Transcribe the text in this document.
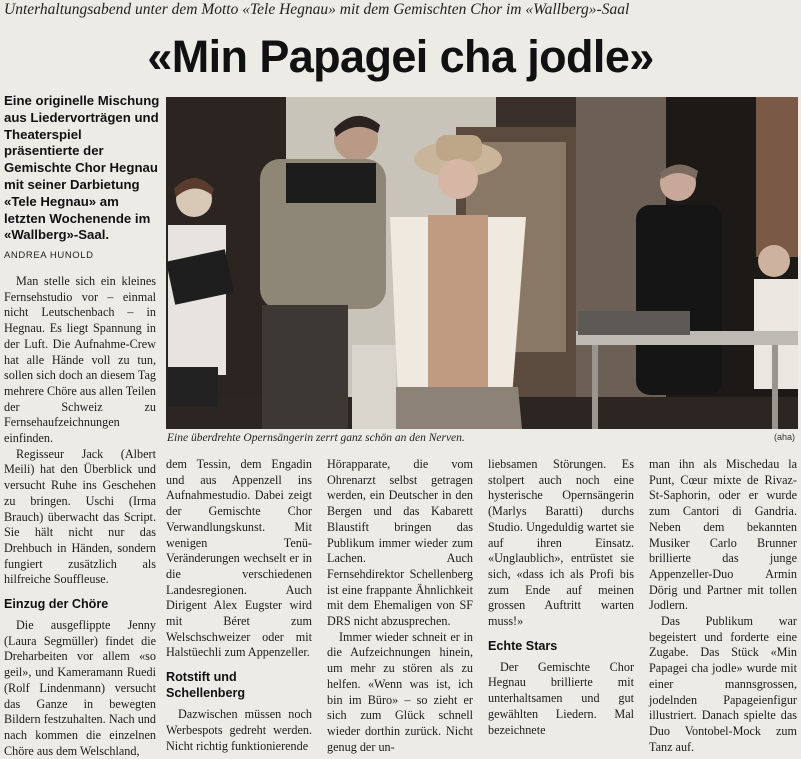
Unterhaltungsabend unter dem Motto «Tele Hegnau» mit dem Gemischten Chor im «Wallberg»-Saal
«Min Papagei cha jodle»
Eine originelle Mischung aus Liedervorträgen und Theaterspiel präsentierte der Gemischte Chor Hegnau mit seiner Darbietung «Tele Hegnau» am letzten Wochenende im «Wallberg»-Saal.
ANDREA HUNOLD

Man stelle sich ein kleines Fernsehstudio vor – einmal nicht Leutschenbach – in Hegnau. Es liegt Spannung in der Luft. Die Aufnahme-Crew hat alle Hände voll zu tun, sollen sich doch an diesem Tag mehrere Chöre aus allen Teilen der Schweiz zu Fernsehaufzeichnungen einfinden.

Regisseur Jack (Albert Meili) hat den Überblick und versucht Ruhe ins Geschehen zu bringen. Uschi (Irma Brauch) überwacht das Script. Sie hält nicht nur das Drehbuch in Händen, sondern fungiert zusätzlich als hilfreiche Souffleuse.

Einzug der Chöre

Die ausgeflippte Jenny (Laura Segmüller) findet die Dreharbeiten vor allem «so geil», und Kameramann Ruedi (Rolf Lindenmann) versucht das Ganze in bewegten Bildern festzuhalten. Nach und nach kommen die einzelnen Chöre aus dem Welschland,

Eine überdrehte Opernsängerin zerrt ganz schön an den Nerven.	(aha)

dem Tessin, dem Engadin und aus Appenzell ins Aufnahmestudio. Dabei zeigt der Gemischte Chor Verwandlungskunst. Mit wenigen Tenü-Veränderungen wechselt er in die verschiedenen Landesregionen. Auch Dirigent Alex Eugster wird mit Béret zum Welschschweizer oder mit Halstüechli zum Appenzeller.

Rotstift und Schellenberg

Dazwischen müssen noch Werbespots gedreht werden. Nicht richtig funktionierende

Hörapparate, die vom Ohrenarzt selbst getragen werden, ein Deutscher in den Bergen und das Kabarett Blaustift bringen das Publikum immer wieder zum Lachen. Auch Fernsehdirektor Schellenberg ist eine frappante Ähnlichkeit mit dem Ehemaligen von SF DRS nicht abzusprechen.

Immer wieder schneit er in die Aufzeichnungen hinein, um mehr zu stören als zu helfen. «Wenn was ist, ich bin im Büro» – so zieht er sich zum Glück schnell wieder dorthin zurück. Nicht genug der un-

liebsamen Störungen. Es stolpert auch noch eine hysterische Opernsängerin (Marlys Baratti) durchs Studio. Ungeduldig wartet sie auf ihren Einsatz. «Unglaublich», entrüstet sie sich, «dass ich als Profi bis zum Ende auf meinen grossen Auftritt warten muss!»

Echte Stars

Der Gemischte Chor Hegnau brillierte mit unterhaltsamen und gut gewählten Liedern. Mal bezeichnete

man ihn als Mischedau la Punt, Cœur mixte de Rivaz-St-Saphorin, oder er wurde zum Cantori di Gandria. Neben dem bekannten Musiker Carlo Brunner brillierte das junge Appenzeller-Duo Armin Dörig und Partner mit tollen Jodlern.

Das Publikum war begeistert und forderte eine Zugabe. Das Stück «Min Papagei cha jodle» wurde mit einer mannsgrossen, jodelnden Papageienfigur illustriert. Danach spielte das Duo Vontobel-Mock zum Tanz auf.
